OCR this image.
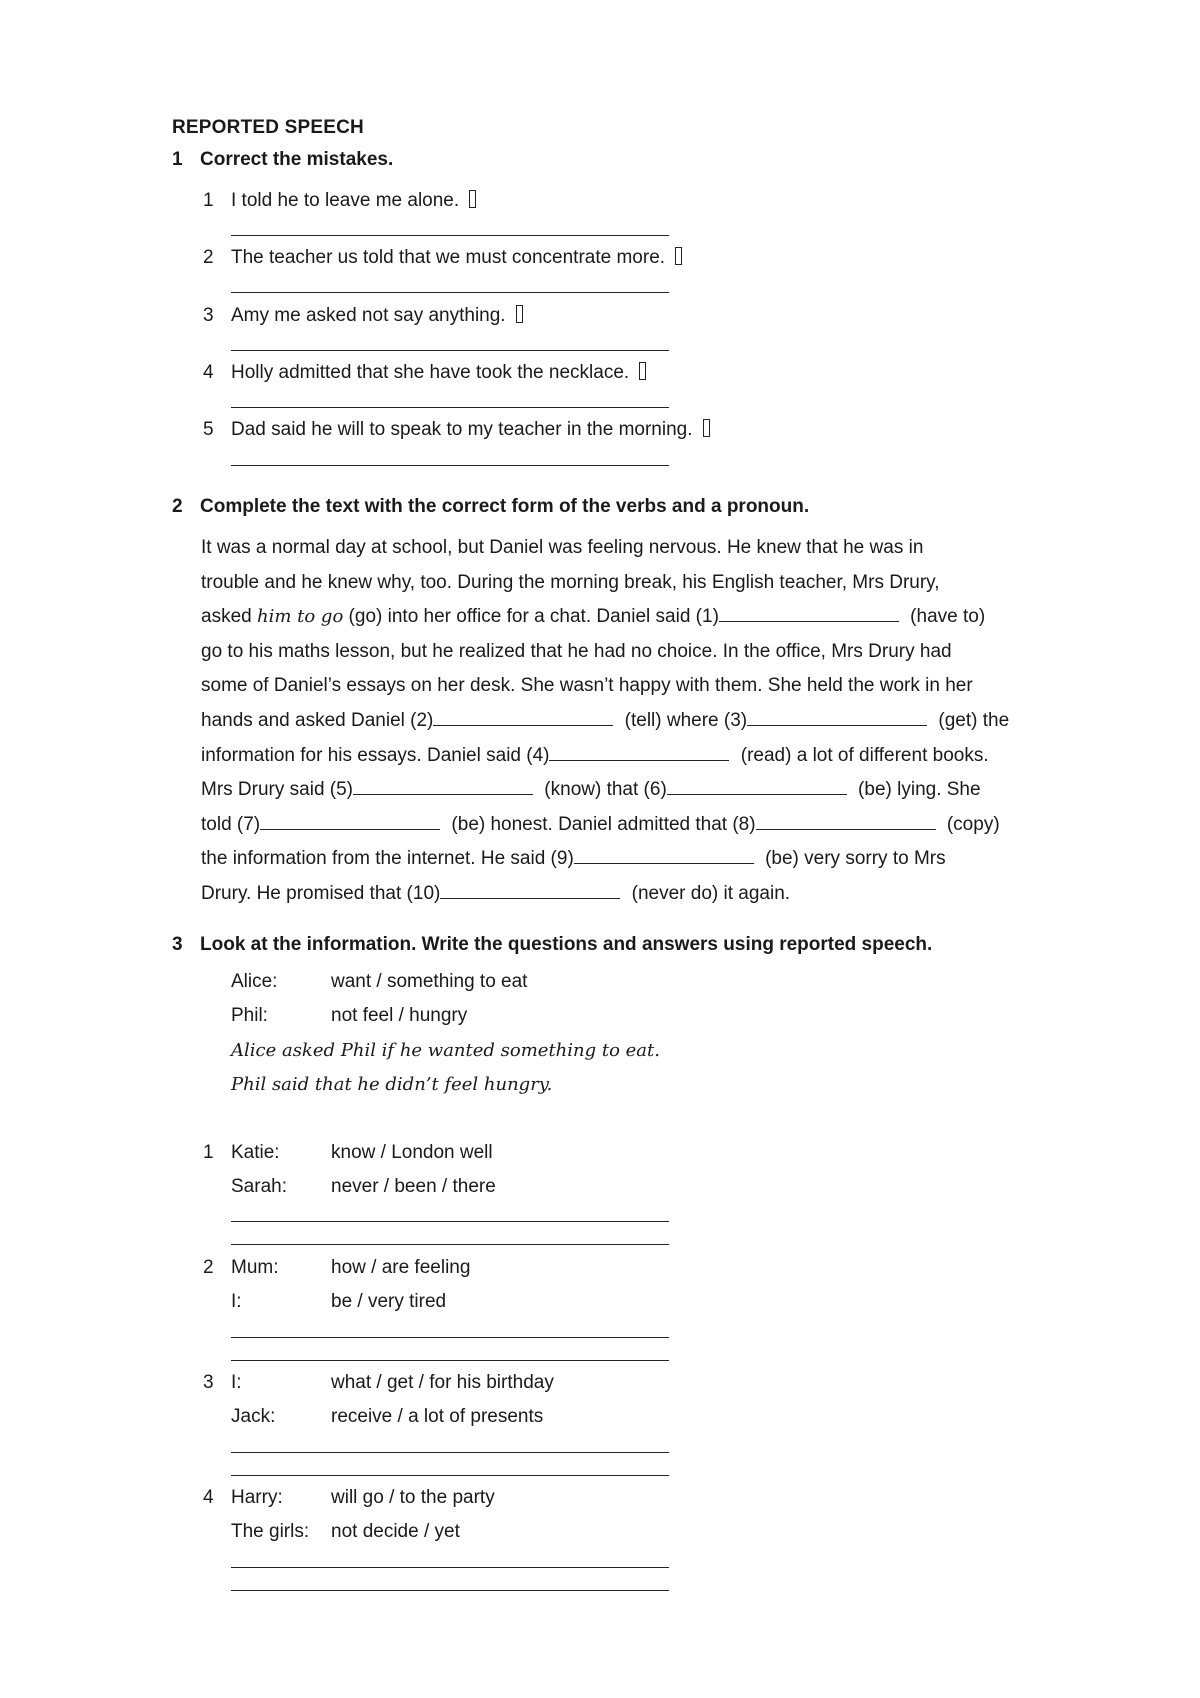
REPORTED SPEECH
1 Correct the mistakes.
1 I told he to leave me alone.
2 The teacher us told that we must concentrate more.
3 Amy me asked not say anything.
4 Holly admitted that she have took the necklace.
5 Dad said he will to speak to my teacher in the morning.
2 Complete the text with the correct form of the verbs and a pronoun.
It was a normal day at school, but Daniel was feeling nervous. He knew that he was in
trouble and he knew why, too. During the morning break, his English teacher, Mrs Drury,
asked him to go (go) into her office for a chat. Daniel said (1)	(have to)
go to his maths lesson, but he realized that he had no choice. In the office, Mrs Drury had
some of Daniel’s essays on her desk. She wasn’t happy with them. She held the work in her
hands and asked Daniel (2)	(tell) where (3)	(get) the
information for his essays. Daniel said (4)	(read) a lot of different books.
Mrs Drury said (5)	(know) that (6)	(be) lying. She
told (7)	(be) honest. Daniel admitted that (8)	(copy)
the information from the internet. He said (9)	(be) very sorry to Mrs
Drury. He promised that (10)	(never do) it again.
3 Look at the information. Write the questions and answers using reported speech.
Alice:	want / something to eat
Phil:	not feel / hungry
Alice asked Phil if he wanted something to eat.
Phil said that he didn’t feel hungry.
1 Katie:	know / London well
Sarah: never / been / there
2 Mum:	how / are feeling
I:	be / very tired
3 I:	what / get / for his birthday
Jack:	receive / a lot of presents
4 Harry:	will go / to the party
The girls: not decide / yet
